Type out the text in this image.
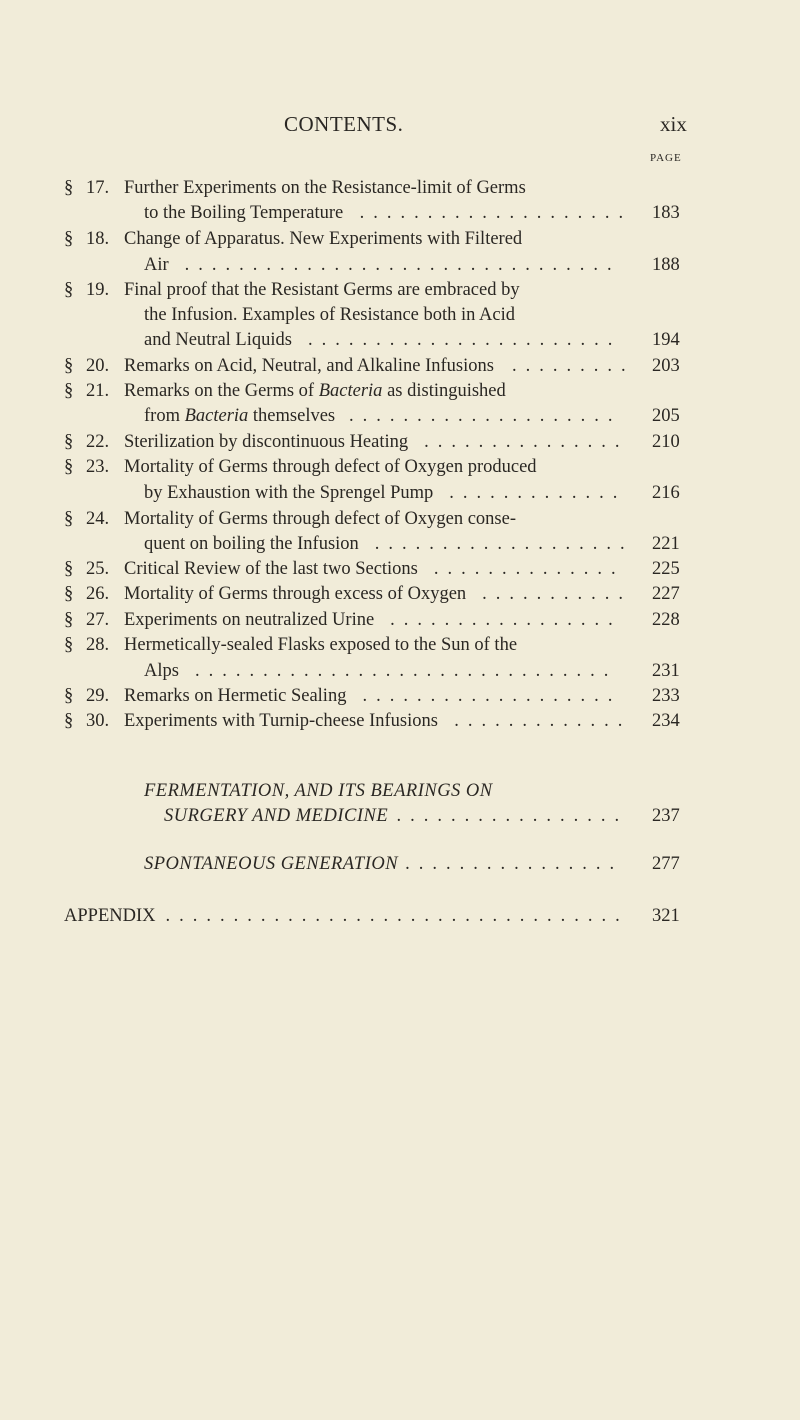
CONTENTS.	xix
PAGE
§ 17. Further Experiments on the Resistance-limit of Germs
to the Boiling Temperature ....................	183
§ 18. Change of Apparatus. New Experiments with Filtered
Air ................................	188
§ 19. Final proof that the Resistant Germs are embraced by
the Infusion. Examples of Resistance both in Acid
and Neutral Liquids .......................	194
§ 20. Remarks on Acid, Neutral, and Alkaline Infusions ......... 203
§ 21. Remarks on the Germs of Bacteria as distinguished
from Bacteria themselves ....................	205
§ 22. Sterilization by discontinuous Heating ...............	210
§ 23. Mortality of Germs through defect of Oxygen produced
by Exhaustion with the Sprengel Pump .............	216
§ 24. Mortality of Germs through defect of Oxygen conse-
quent on boiling the Infusion ................... 221
§ 25. Critical Review of the last two Sections ..............	225
§ 26. Mortality of Germs through excess of Oxygen ...........	227
§ 27. Experiments on neutralized Urine .................	228
§ 28. Hermetically-sealed Flasks exposed to the Sun of the
Alps ...............................	231
§ 29. Remarks on Hermetic Sealing ...................	233
§ 30. Experiments with Turnip-cheese Infusions .............	234
FERMENTATION, AND ITS BEARINGS ON
SURGERY AND MEDICINE .................	237
SPONTANEOUS GENERATION ................	277
APPENDIX ..................................	321
